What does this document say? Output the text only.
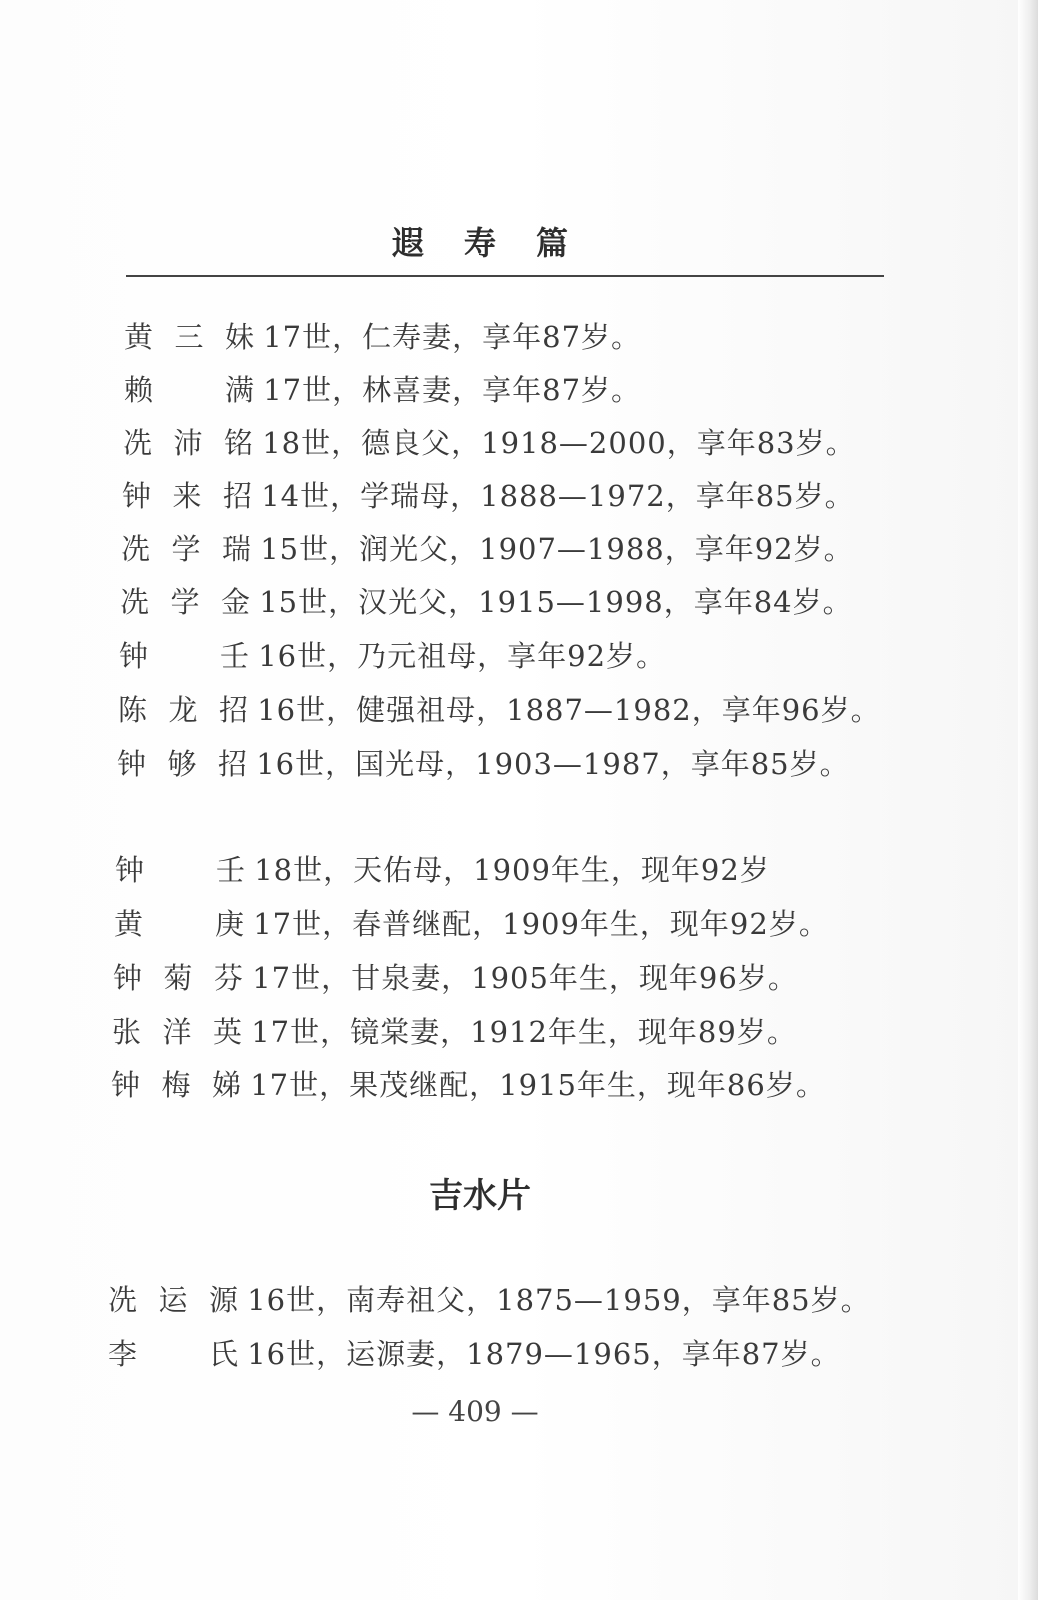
遐寿篇
黄三妹 17世，仁寿妻，享年87岁。
赖满 17世，林喜妻，享年87岁。
冼沛铭 18世，德良父，1918—2000，享年83岁。
钟来招 14世，学瑞母，1888—1972，享年85岁。
冼学瑞 15世，润光父，1907—1988，享年92岁。
冼学金 15世，汉光父，1915—1998，享年84岁。
钟壬 16世，乃元祖母，享年92岁。
陈龙招 16世，健强祖母，1887—1982，享年96岁。
钟够招 16世，国光母，1903—1987，享年85岁。
钟壬 18世，天佑母，1909年生，现年92岁
黄庚 17世，春普继配，1909年生，现年92岁。
钟菊芬 17世，甘泉妻，1905年生，现年96岁。
张洋英 17世，镜棠妻，1912年生，现年89岁。
钟梅娣 17世，果茂继配，1915年生，现年86岁。
吉水片
冼运源 16世，南寿祖父，1875—1959，享年85岁。
李氏 16世，运源妻，1879—1965，享年87岁。
— 409 —
